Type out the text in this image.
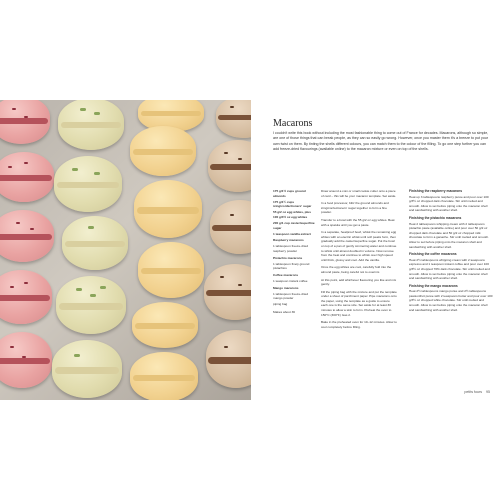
Macarons
I couldn't write this book without including the most fashionable thing to come out of France for decades. Macarons, although so simple, are one of those things that can break people, as they can so easily go wrong. However, once you master them it's a breeze to put your own twist on them. By tinting the shells different colours, you can match them to the colour of the filling. To go one step further you can add freeze-dried flavourings (available online) to the macaron mixture or even on top of the shells.
175 g/1½ cups ground almonds
175 g/1¼ cups icing/confectioners' sugar
55 g/2 oz egg whites, plus 100 g/3½ oz egg whites
200 g/1 cup caster/superfine sugar
1 teaspoon vanilla extract
Raspberry macarons
1 tablespoon freeze-dried raspberry powder
Pistachio macarons
1 tablespoon finely ground pistachios
Coffee macarons
1 teaspoon instant coffee
Mango macarons
1 tablespoon freeze-dried mango powder
piping bag
Makes about 36

Draw around a coin or small cookie cutter onto a piece of card – this will be your macaron template. Set aside.

In a food processor, blitz the ground almonds and icing/confectioners' sugar together to form a fine powder.

Transfer to a bowl with the 55 g/2 oz egg whites. Beat with a spatula until you get a paste.

In a separate, heatproof bowl, whisk the remaining egg whites with an electric whisk until soft peaks form, then gradually add the caster/superfine sugar. Put the bowl on top of a pan of gently simmering water and continue to whisk until almost doubled in volume. Now remove from the heat and continue to whisk over high speed until thick, glossy and cool. Add the vanilla.

Once the egg whites are cool, carefully fold into the almond paste, being careful not to overmix.

At this point, add whichever flavouring you like and mix gently.

Fill the piping bag with the mixture and put the template under a sheet of parchment paper. Pipe macarons onto the paper, using the template as a guide to ensure each one is the same size. Set aside for at least 30 minutes to allow a skin to form. Preheat the oven to 150°C (300°F) Gas 2.

Bake in the preheated oven for 10–12 minutes. Allow to cool completely before filling.

Finishing the raspberry macarons

Heat up 3 tablespoons raspberry purée and pour over 100 g/3½ oz chopped dark chocolate. Stir until melted and smooth. Allow to set before piping onto the macaron shell and sandwiching with another shell.

Finishing the pistachio macarons

Heat 2 tablespoons whipping cream with 2 tablespoons pistachio paste (available online) and pour over 50 g/2 oz chopped dark chocolate and 50 g/2 oz chopped milk chocolate to form a ganache. Stir until melted and smooth. Allow to set before piping onto the macaron shell and sandwiching with another shell.

Finishing the coffee macarons

Heat 2½ tablespoons whipping cream with 2 teaspoons espresso and 1 teaspoon instant coffee and pour over 100 g/3½ oz chopped 70% dark chocolate. Stir until melted and smooth. Allow to set before piping onto the macaron shell and sandwiching with another shell.

Finishing the mango macarons

Heat 2½ tablespoons mango purée and 2½ tablespoons passionfruit purée with 2 teaspoons butter and pour over 100 g/3½ oz chopped white chocolate. Stir until melted and smooth. Allow to set before piping onto the macaron shell and sandwiching with another shell.

petits fours 95
